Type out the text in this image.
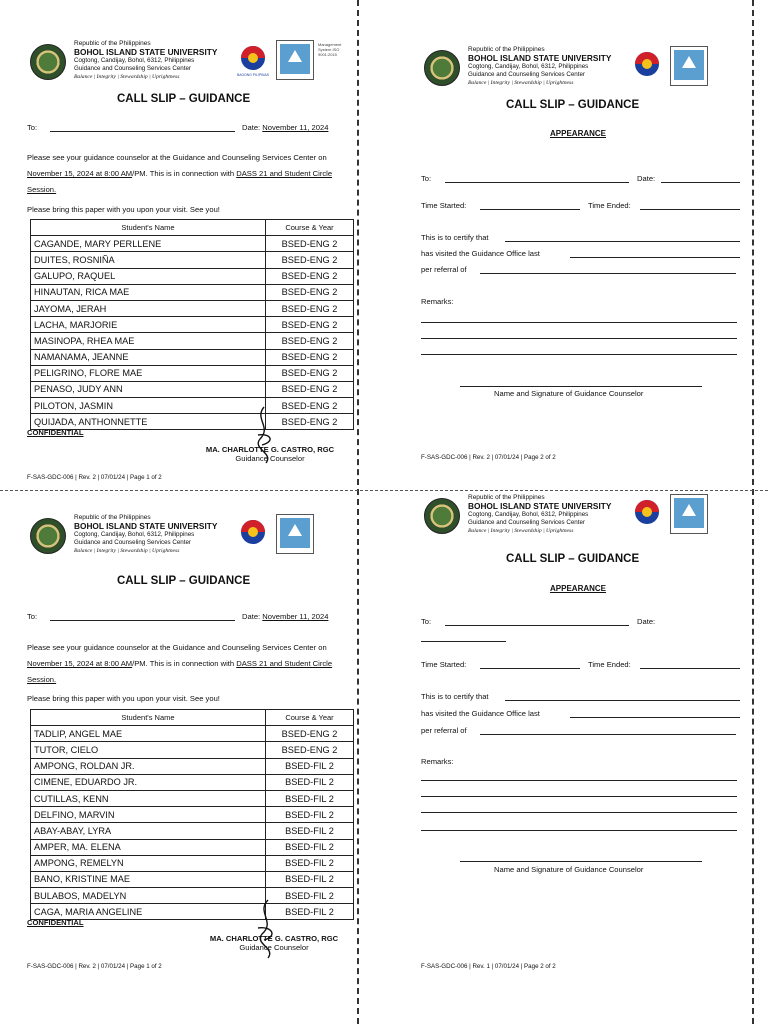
Republic of the Philippines
BOHOL ISLAND STATE UNIVERSITY
Cogtong, Candijay, Bohol, 6312, Philippines
Guidance and Counseling Services Center
Balance | Integrity | Stewardship | Uprightness	BAGONG PILIPINAS
Management System ISO 9001:2015
Republic of the Philippines
BOHOL ISLAND STATE UNIVERSITY
Cogtong, Candijay, Bohol, 6312, Philippines
Guidance and Counseling Services Center
Balance | Integrity | Stewardship | Uprightness
Republic of the Philippines
BOHOL ISLAND STATE UNIVERSITY
Cogtong, Candijay, Bohol, 6312, Philippines
Guidance and Counseling Services Center
Balance | Integrity | Stewardship | Uprightness
Republic of the Philippines
BOHOL ISLAND STATE UNIVERSITY
Cogtong, Candijay, Bohol, 6312, Philippines
Guidance and Counseling Services Center
Balance | Integrity | Stewardship | Uprightness
CALL SLIP – GUIDANCE
To:	Date: November 11, 2024
Please see your guidance counselor at the Guidance and Counseling Services Center on November 15, 2024 at 8:00 AM/PM. This is in connection with DASS 21 and Student Circle Session.
Please bring this paper with you upon your visit. See you!
Student's Name	Course & Year
CAGANDE, MARY PERLLENE	BSED-ENG 2
DUITES, ROSNIÑA	BSED-ENG 2
GALUPO, RAQUEL	BSED-ENG 2
HINAUTAN, RICA MAE	BSED-ENG 2
JAYOMA, JERAH	BSED-ENG 2
LACHA, MARJORIE	BSED-ENG 2
MASINOPA, RHEA MAE	BSED-ENG 2
NAMANAMA, JEANNE	BSED-ENG 2
PELIGRINO, FLORE MAE	BSED-ENG 2
PENASO, JUDY ANN	BSED-ENG 2
PILOTON, JASMIN	BSED-ENG 2
QUIJADA, ANTHONNETTE	BSED-ENG 2
CONFIDENTIAL
MA. CHARLOTTE G. CASTRO, RGC
Guidance Counselor
F-SAS-GDC-006 | Rev. 2 | 07/01/24 | Page 1 of 2
CALL SLIP – GUIDANCE
To:	Date: November 11, 2024
Please see your guidance counselor at the Guidance and Counseling Services Center on November 15, 2024 at 8:00 AM/PM. This is in connection with DASS 21 and Student Circle Session.
Please bring this paper with you upon your visit. See you!
Student's Name	Course & Year
TADLIP, ANGEL MAE	BSED-ENG 2
TUTOR, CIELO	BSED-ENG 2
AMPONG, ROLDAN JR.	BSED-FIL 2
CIMENE, EDUARDO JR.	BSED-FIL 2
CUTILLAS, KENN	BSED-FIL 2
DELFINO, MARVIN	BSED-FIL 2
ABAY-ABAY, LYRA	BSED-FIL 2
AMPER, MA. ELENA	BSED-FIL 2
AMPONG, REMELYN	BSED-FIL 2
BANO, KRISTINE MAE	BSED-FIL 2
BULABOS, MADELYN	BSED-FIL 2
CAGA, MARIA ANGELINE	BSED-FIL 2
CONFIDENTIAL
MA. CHARLOTTE G. CASTRO, RGC
Guidance Counselor
F-SAS-GDC-006 | Rev. 2 | 07/01/24 | Page 1 of 2
CALL SLIP – GUIDANCE
APPEARANCE
To:	Date:
Time Started:	Time Ended:
This is to certify that
has visited the Guidance Office last
per referral of
Remarks:
Name and Signature of Guidance Counselor
F-SAS-GDC-006 | Rev. 2 | 07/01/24 | Page 2 of 2
CALL SLIP – GUIDANCE
APPEARANCE
To:	Date:
Time Started:	Time Ended:
This is to certify that
has visited the Guidance Office last
per referral of
Remarks:
Name and Signature of Guidance Counselor
F-SAS-GDC-006 | Rev. 1 | 07/01/24 | Page 2 of 2
